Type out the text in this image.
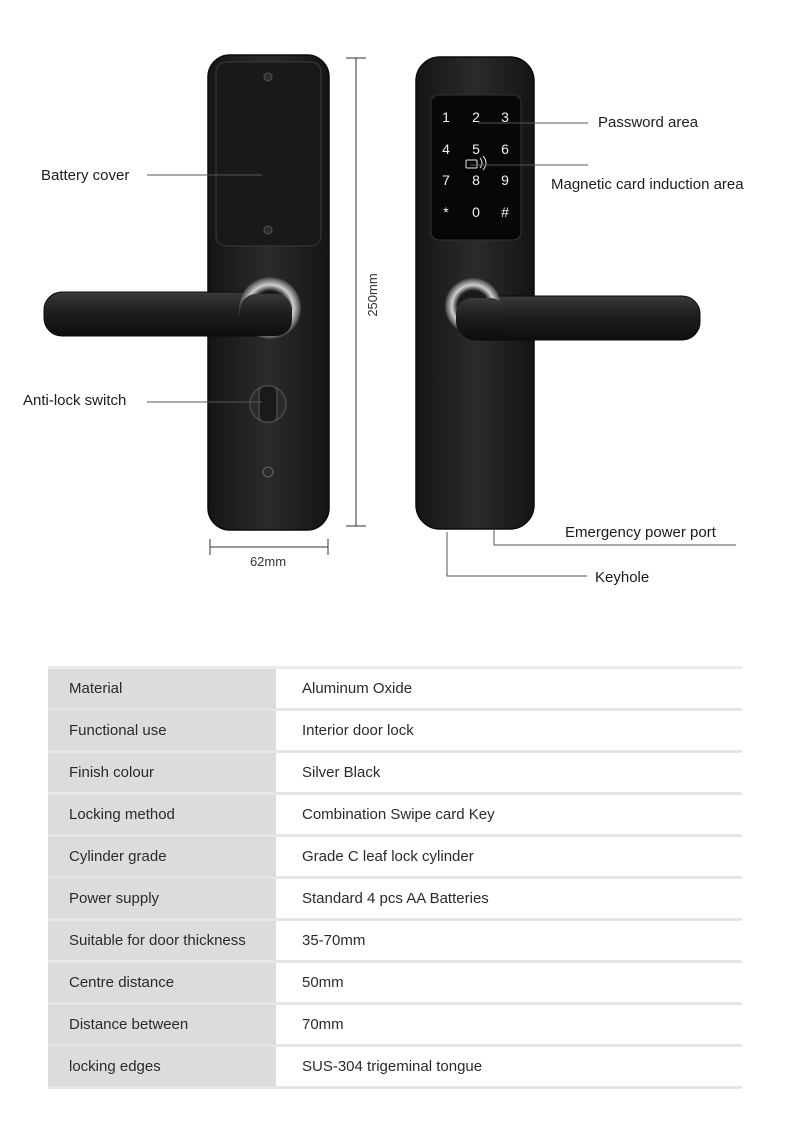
1 2 3
4 5 6
7 8 9
* 0 #
250mm
62mm
Battery cover
Anti-lock switch
Password area
Magnetic card induction area
Emergency power port
Keyhole
Material	Aluminum Oxide
Functional use	Interior door lock
Finish colour	Silver Black
Locking method	Combination Swipe card Key
Cylinder grade	Grade C leaf lock cylinder
Power supply	Standard 4 pcs AA Batteries
Suitable for door thickness	35-70mm
Centre distance	50mm
Distance between	70mm
locking edges	SUS-304 trigeminal tongue
